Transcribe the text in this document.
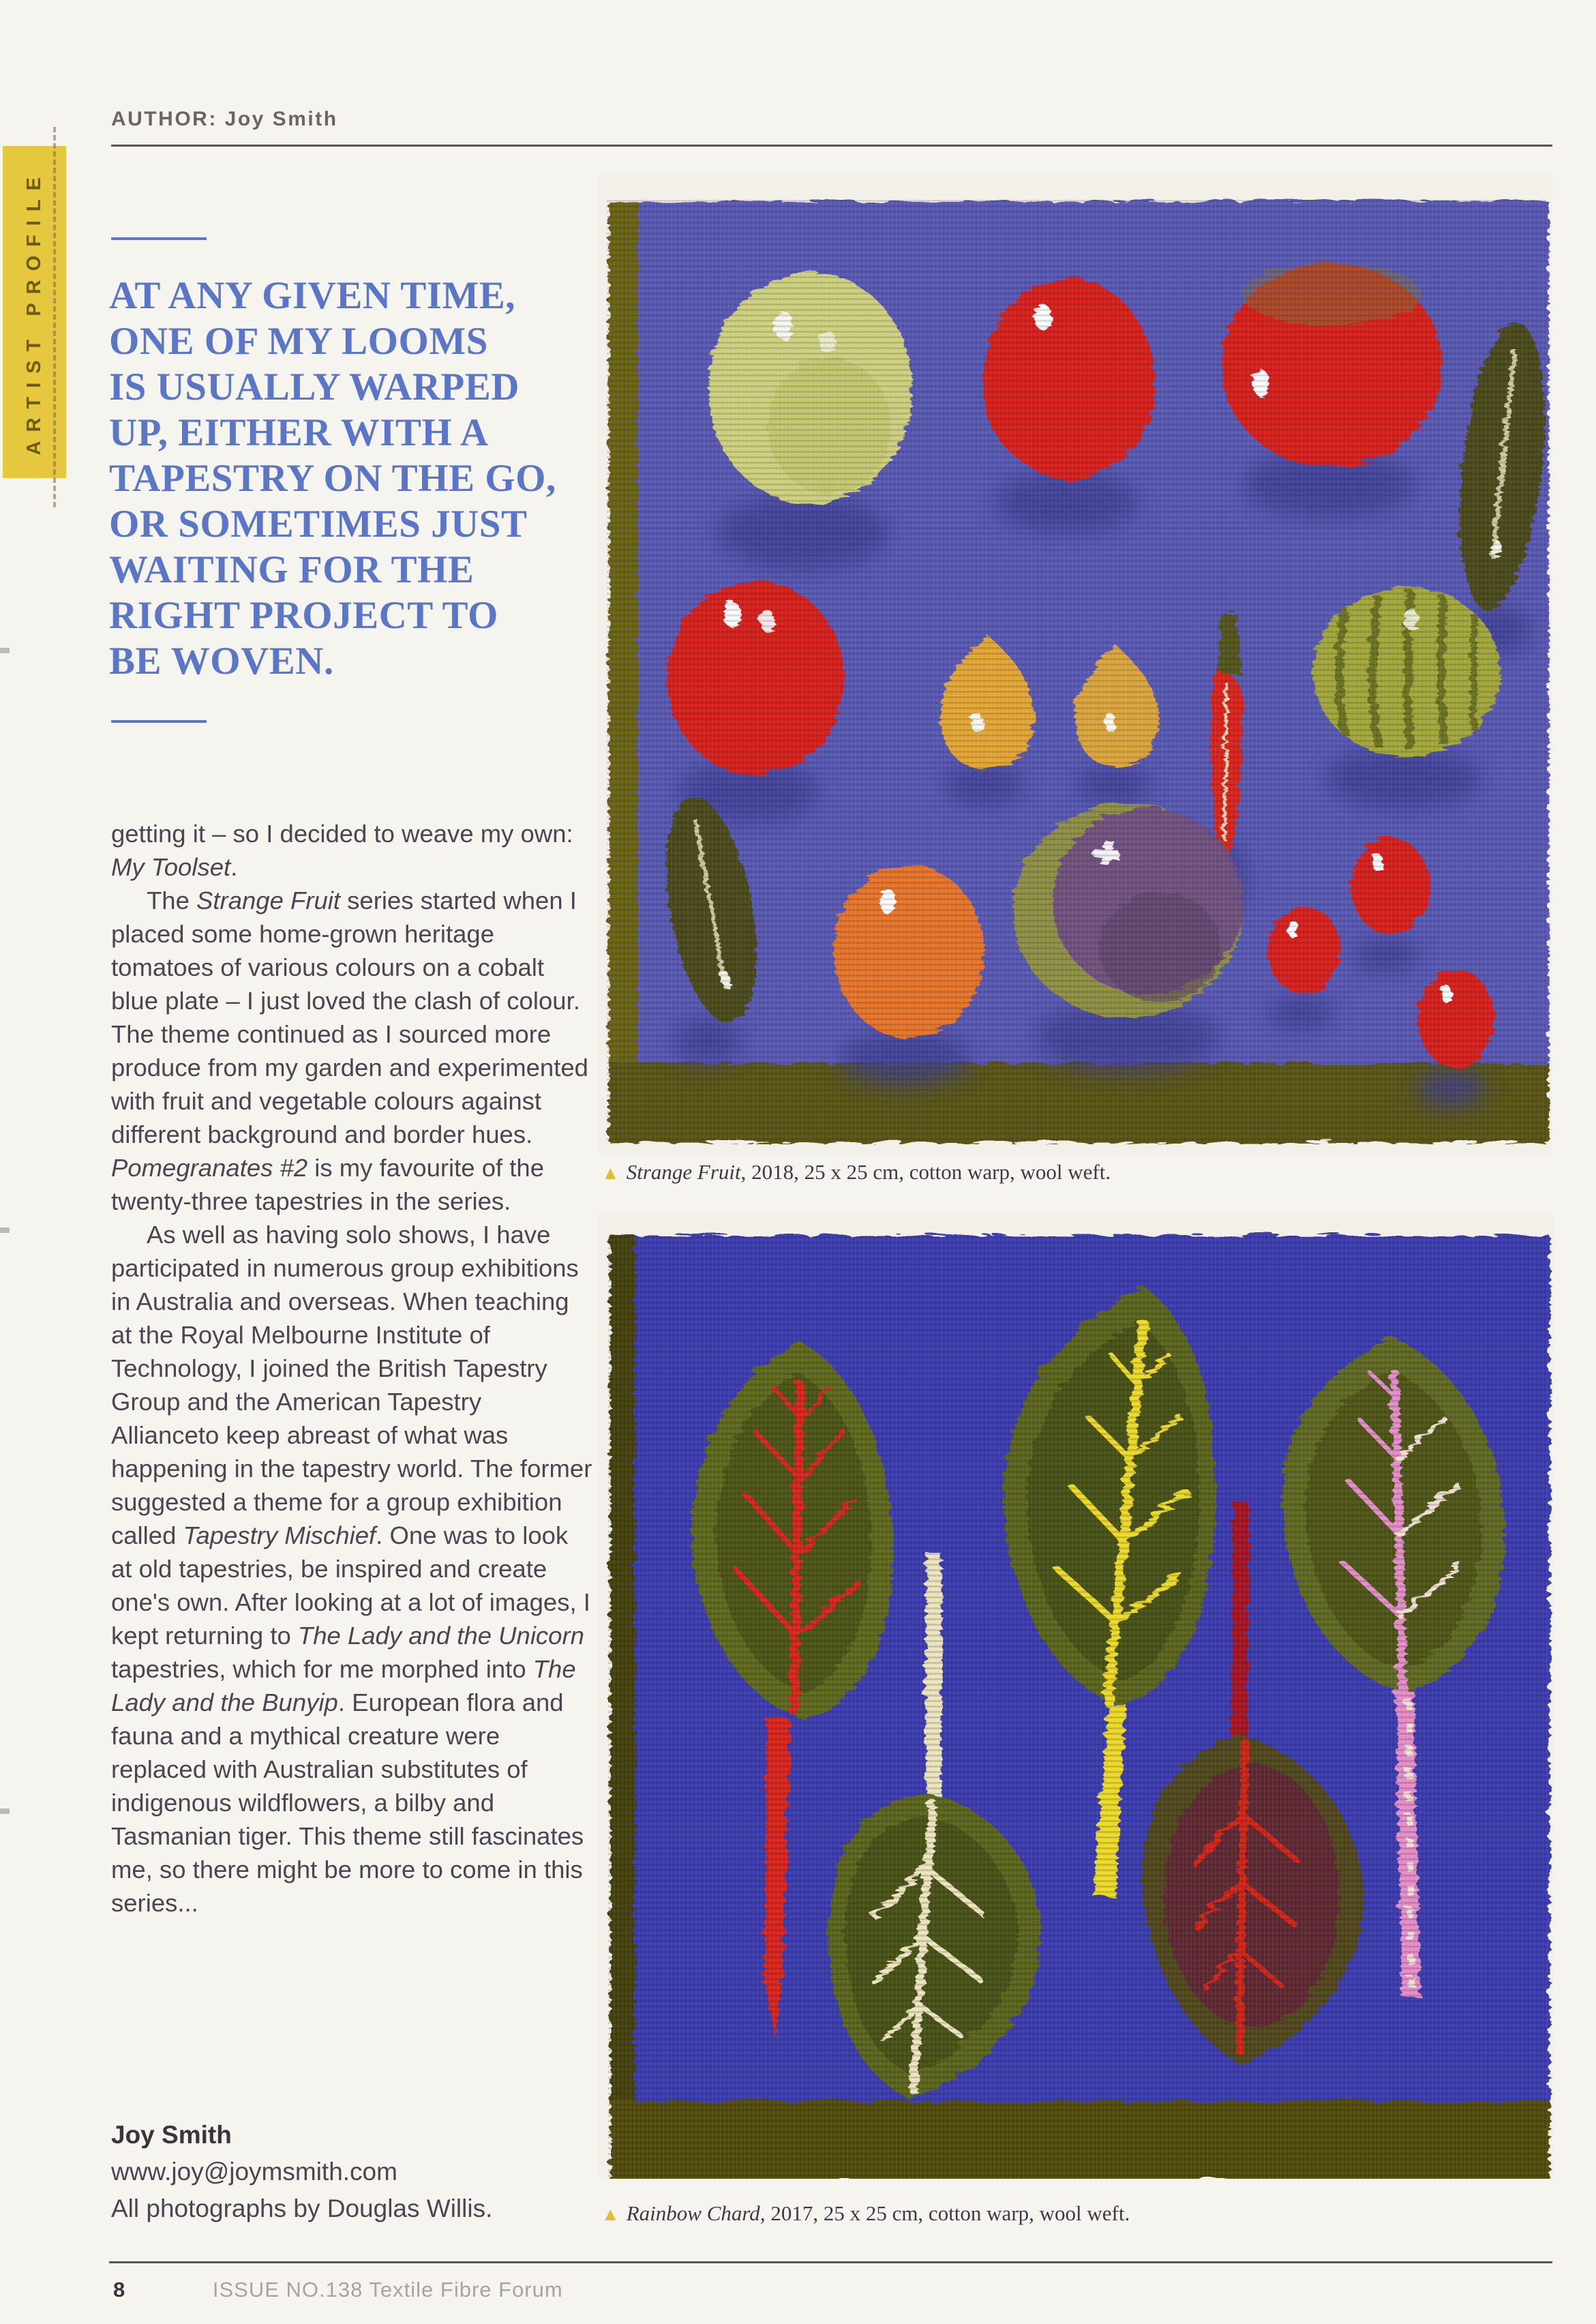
AUTHOR: Joy Smith
ARTIST PROFILE AT ANY GIVEN TIME,
ONE OF MY LOOMS
IS USUALLY WARPED
UP, EITHER WITH A
TAPESTRY ON THE GO,
OR SOMETIMES JUST
WAITING FOR THE
RIGHT PROJECT TO
BE WOVEN.

getting it – so I decided to weave my own: My Toolset.

The Strange Fruit series started when I placed some home-grown heritage tomatoes of various colours on a cobalt blue plate – I just loved the clash of colour. The theme continued as I sourced more produce from my garden and experimented with fruit and vegetable colours against different background and border hues. Pomegranates #2 is my favourite of the twenty-three tapestries in the series.

As well as having solo shows, I have participated in numerous group exhibitions in Australia and overseas. When teaching at the Royal Melbourne Institute of Technology, I joined the British Tapestry Group and the American Tapestry Allianceto keep abreast of what was happening in the tapestry world. The former suggested a theme for a group exhibition called Tapestry Mischief. One was to look at old tapestries, be inspired and create one's own. After looking at a lot of images, I kept returning to The Lady and the Unicorn tapestries, which for me morphed into The Lady and the Bunyip. European flora and fauna and a mythical creature were replaced with Australian substitutes of indigenous wildflowers, a bilby and Tasmanian tiger. This theme still fascinates me, so there might be more to come in this series...

Joy Smith
www.joy@joymsmith.com
All photographs by Douglas Willis.
▲ Strange Fruit, 2018, 25 x 25 cm, cotton warp, wool weft.
▲ Rainbow Chard, 2017, 25 x 25 cm, cotton warp, wool weft.
8	ISSUE NO.138 Textile Fibre Forum
